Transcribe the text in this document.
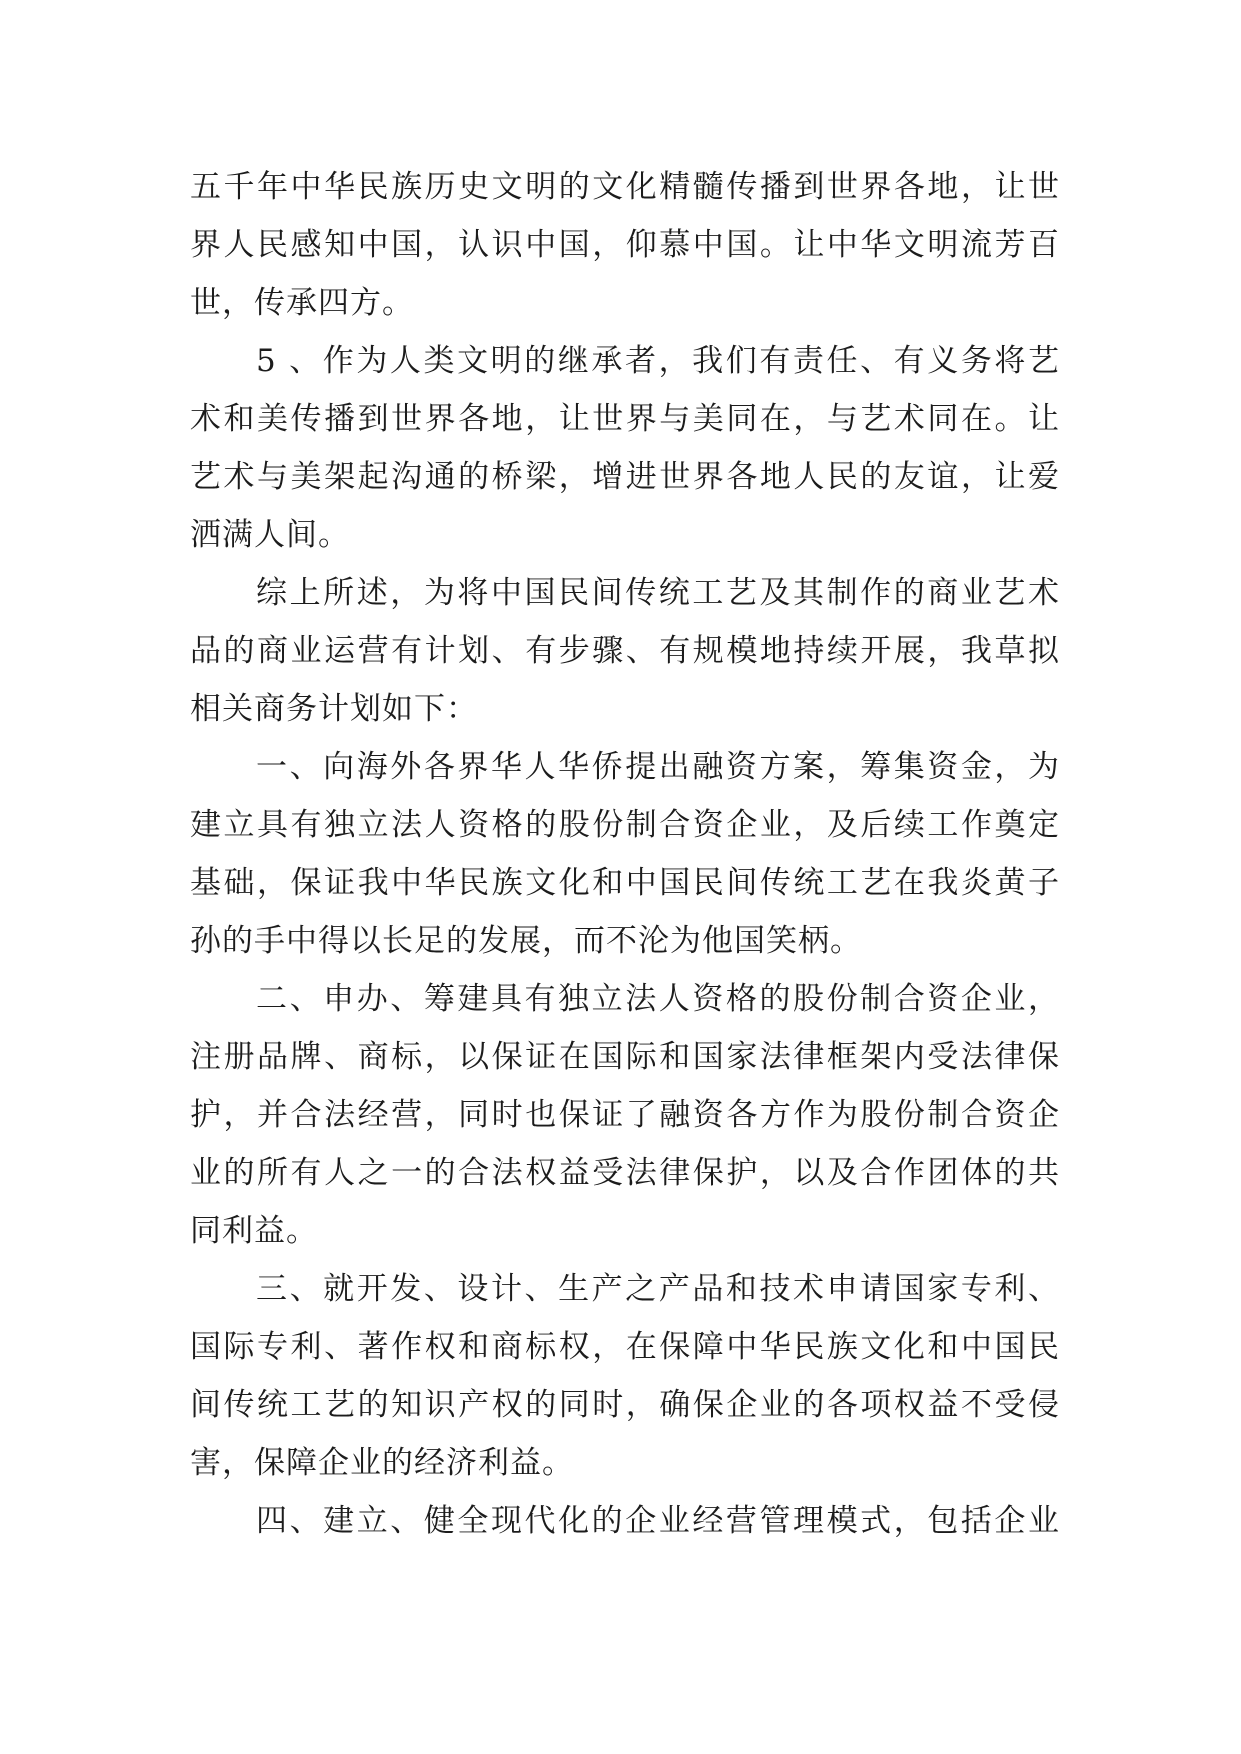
五千年中华民族历史文明的文化精髓传播到世界各地，让世
界人民感知中国，认识中国，仰慕中国。让中华文明流芳百
世，传承四方。
5 、作为人类文明的继承者，我们有责任、有义务将艺
术和美传播到世界各地，让世界与美同在，与艺术同在。让
艺术与美架起沟通的桥梁，增进世界各地人民的友谊，让爱
洒满人间。
综上所述，为将中国民间传统工艺及其制作的商业艺术
品的商业运营有计划、有步骤、有规模地持续开展，我草拟
相关商务计划如下：
一、向海外各界华人华侨提出融资方案，筹集资金，为
建立具有独立法人资格的股份制合资企业，及后续工作奠定
基础，保证我中华民族文化和中国民间传统工艺在我炎黄子
孙的手中得以长足的发展，而不沦为他国笑柄。
二、申办、筹建具有独立法人资格的股份制合资企业，
注册品牌、商标，以保证在国际和国家法律框架内受法律保
护，并合法经营，同时也保证了融资各方作为股份制合资企
业的所有人之一的合法权益受法律保护，以及合作团体的共
同利益。
三、就开发、设计、生产之产品和技术申请国家专利、
国际专利、著作权和商标权，在保障中华民族文化和中国民
间传统工艺的知识产权的同时，确保企业的各项权益不受侵
害，保障企业的经济利益。
四、建立、健全现代化的企业经营管理模式，包括企业
